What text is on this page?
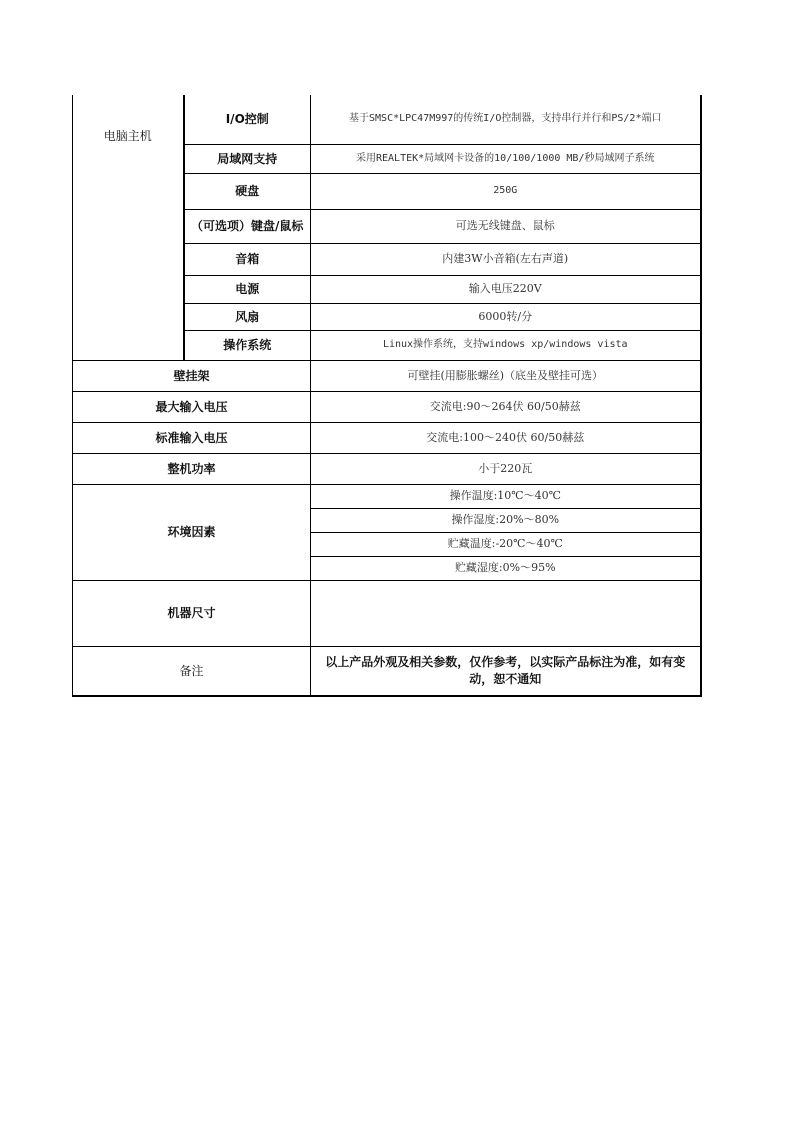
电脑主机	I/O控制	基于SMSC*LPC47M997的传统I/O控制器，支持串行并行和PS/2*端口
	局域网支持	采用REALTEK*局域网卡设备的10/100/1000 MB/秒局域网子系统
	硬盘	250G
	（可选项）键盘/鼠标	可选无线键盘、鼠标
	音箱	内建3W小音箱(左右声道)
	电源	输入电压220V
	风扇	6000转/分
	操作系统	Linux操作系统，支持windows xp/windows vista
壁挂架		可壁挂(用膨胀螺丝)（底坐及壁挂可选）
最大输入电压		交流电:90～264伏 60/50赫兹
标准输入电压		交流电:100～240伏 60/50赫兹
整机功率		小于220瓦
环境因素		操作温度:10℃～40℃
		操作湿度:20%～80%
		贮藏温度:-20℃～40℃
		贮藏湿度:0%～95%
机器尺寸		
备注		以上产品外观及相关参数，仅作参考，以实际产品标注为准，如有变动，恕不通知
